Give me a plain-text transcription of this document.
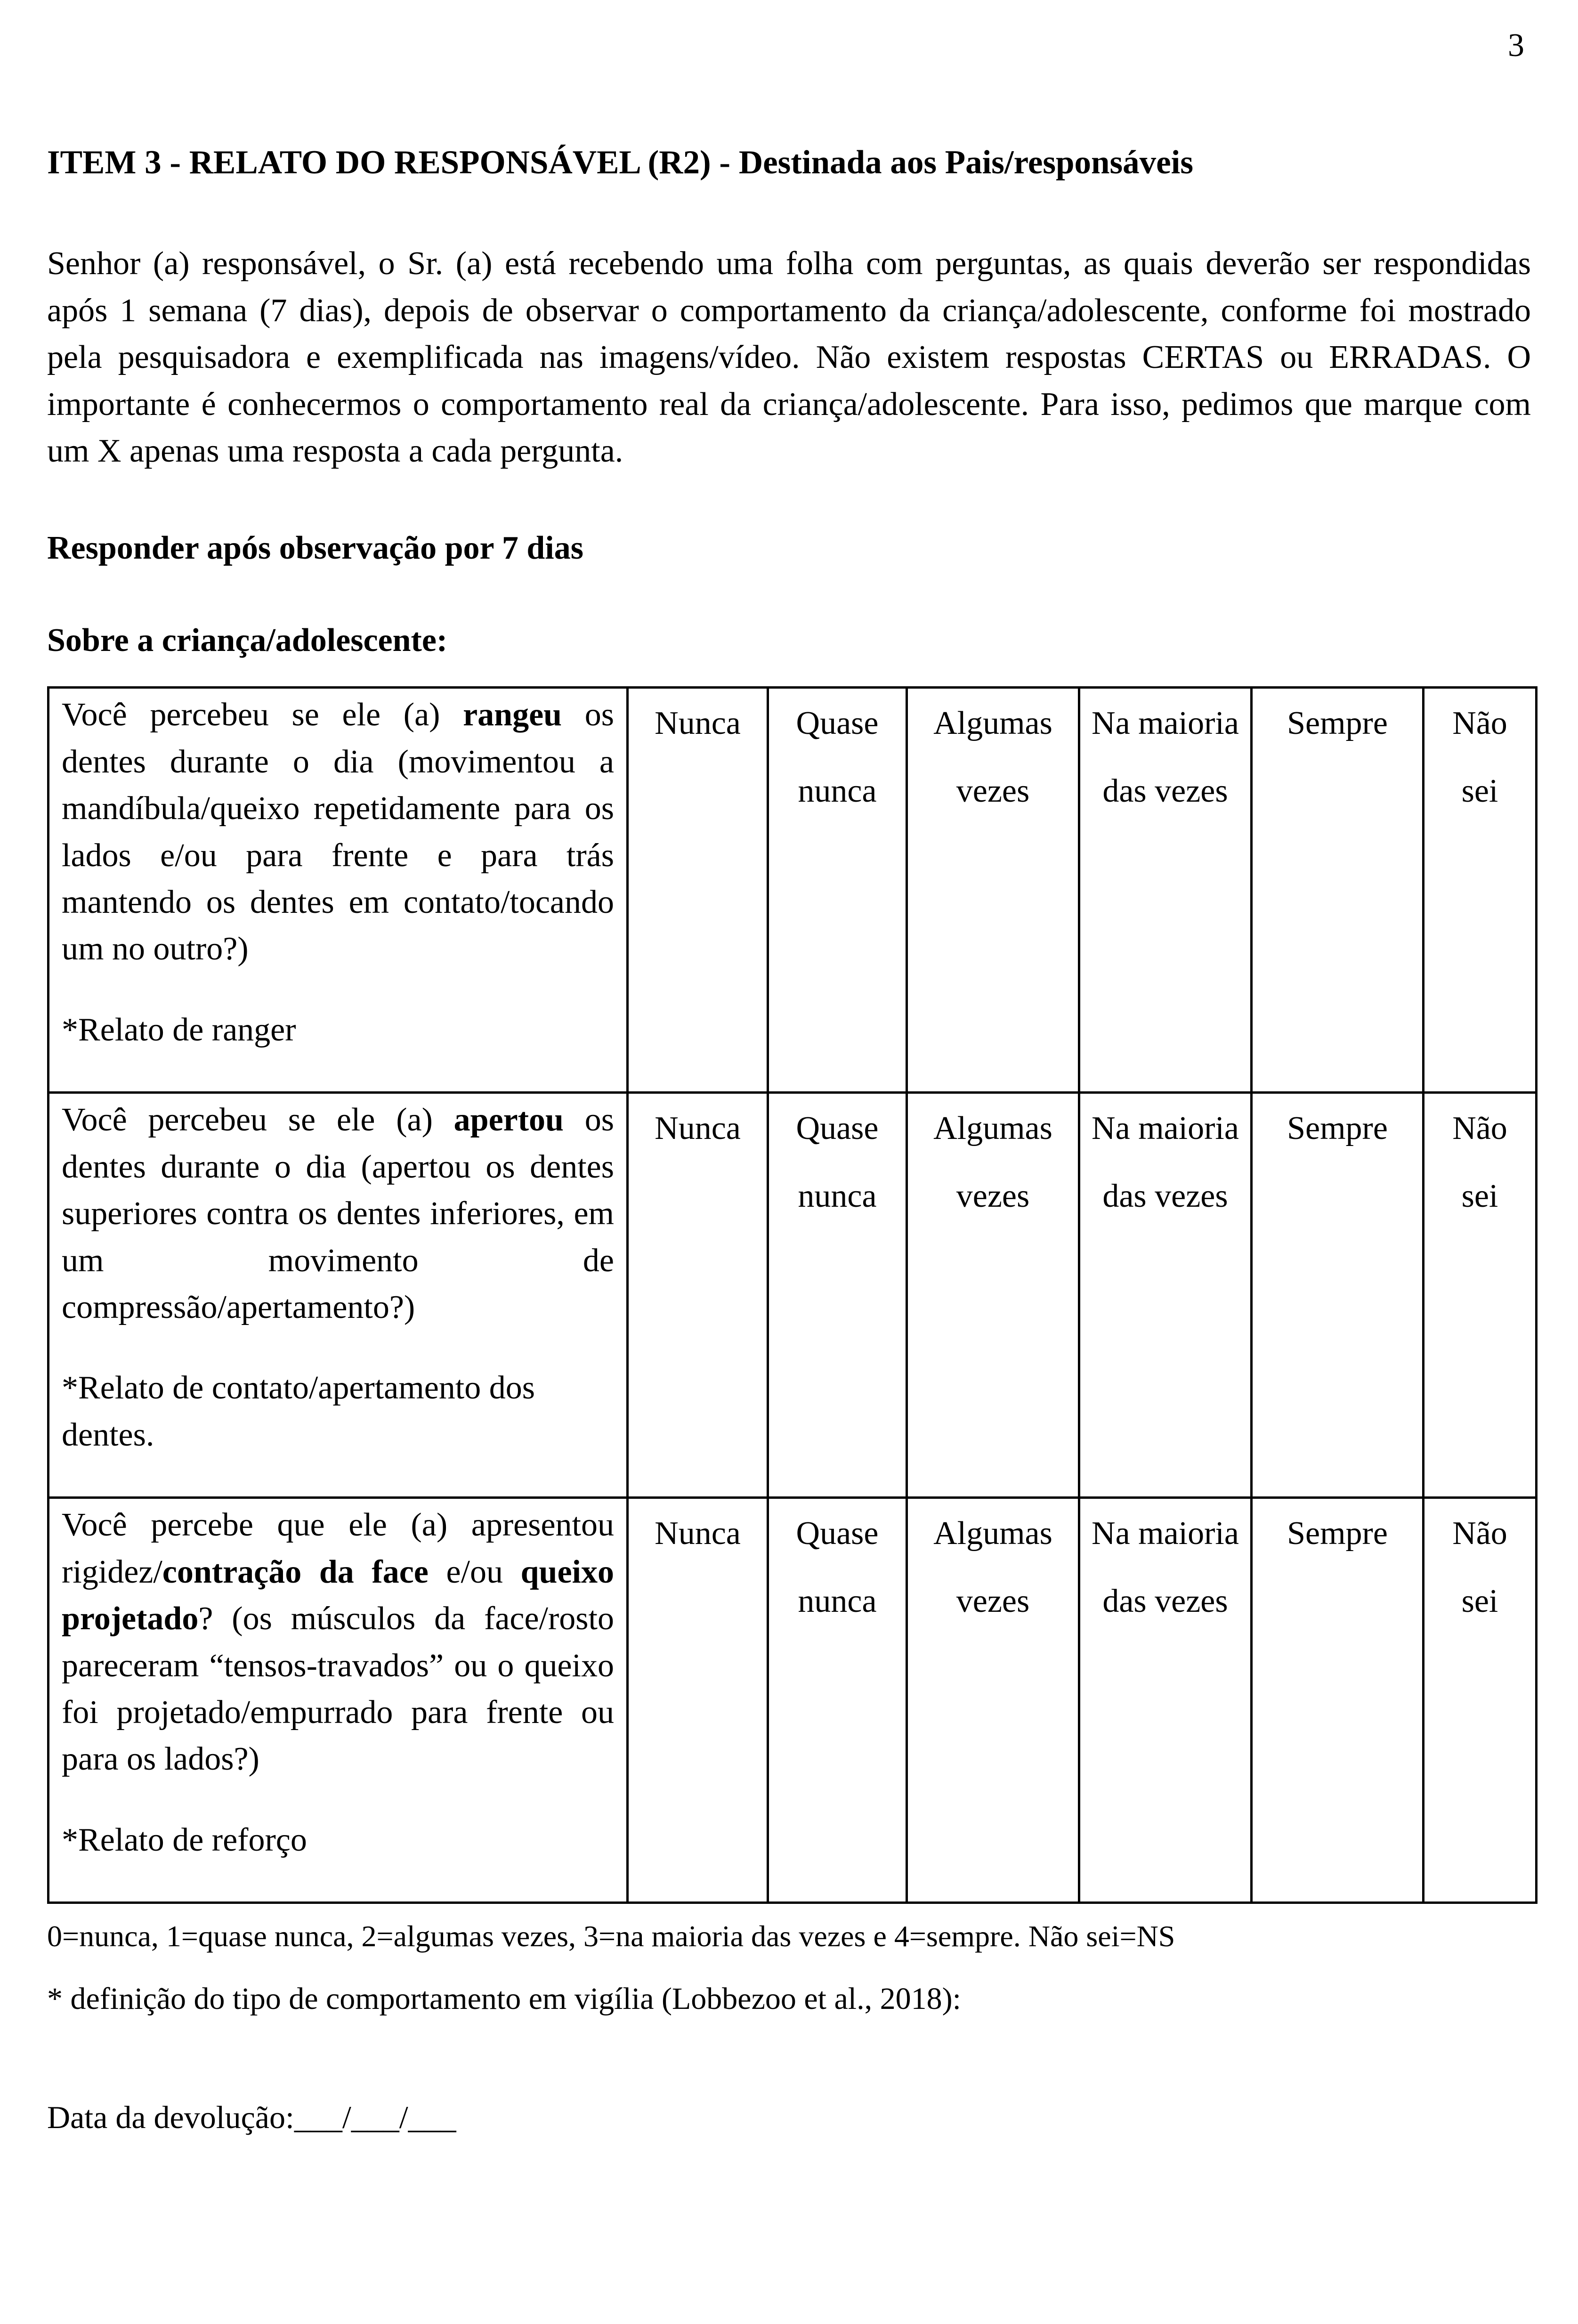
3
ITEM 3 - RELATO DO RESPONSÁVEL (R2) - Destinada aos Pais/responsáveis

Senhor (a) responsável, o Sr. (a) está recebendo uma folha com perguntas, as quais deverão ser respondidas após 1 semana (7 dias), depois de observar o comportamento da criança/adolescente, conforme foi mostrado pela pesquisadora e exemplificada nas imagens/vídeo. Não existem respostas CERTAS ou ERRADAS. O importante é conhecermos o comportamento real da criança/adolescente. Para isso, pedimos que marque com um X apenas uma resposta a cada pergunta.

Responder após observação por 7 dias
Sobre a criança/adolescente:
Você percebeu se ele (a) rangeu os dentes durante o dia (movimentou a mandíbula/queixo repetidamente para os lados e/ou para frente e para trás mantendo os dentes em contato/tocando um no outro?)
*Relato de ranger	Nunca	Quase nunca	Algumas vezes	Na maioria das vezes	Sempre	Não sei

Você percebeu se ele (a) apertou os dentes durante o dia (apertou os dentes superiores contra os dentes inferiores, em um movimento de compressão/apertamento?)
*Relato de contato/apertamento dos dentes.	Nunca	Quase nunca	Algumas vezes	Na maioria das vezes	Sempre	Não sei

Você percebe que ele (a) apresentou rigidez/contração da face e/ou queixo projetado? (os músculos da face/rosto pareceram “tensos-travados” ou o queixo foi projetado/empurrado para frente ou para os lados?)
*Relato de reforço	Nunca	Quase nunca	Algumas vezes	Na maioria das vezes	Sempre	Não sei
0=nunca, 1=quase nunca, 2=algumas vezes, 3=na maioria das vezes e 4=sempre. Não sei=NS
* definição do tipo de comportamento em vigília (Lobbezoo et al., 2018):
Data da devolução:___/___/___
